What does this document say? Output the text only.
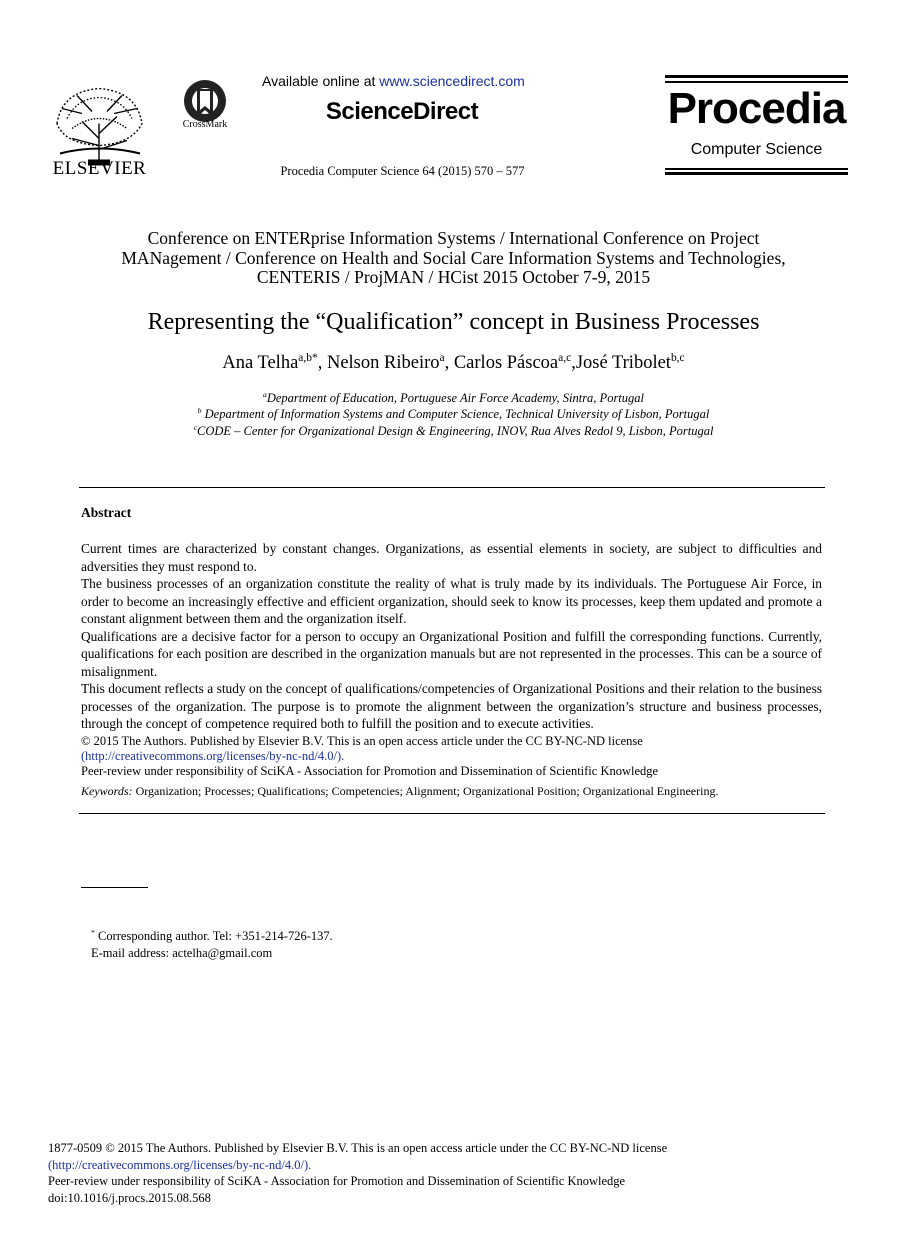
ELSEVIER
CrossMark
Available online at www.sciencedirect.com
ScienceDirect
Procedia Computer Science 64 (2015) 570 – 577
Procedia
Computer Science
Conference on ENTERprise Information Systems / International Conference on Project
MANagement / Conference on Health and Social Care Information Systems and Technologies,
CENTERIS / ProjMAN / HCist 2015 October 7-9, 2015
Representing the “Qualification” concept in Business Processes
Ana Telha$^{a,b*}$, Nelson Ribeiro$^a$, Carlos Páscoa$^{a,c}$,José Tribolet$^{b,c}$
$^a$Department of Education, Portuguese Air Force Academy, Sintra, Portugal
$^b$ Department of Information Systems and Computer Science, Technical University of Lisbon, Portugal
$^c$CODE – Center for Organizational Design & Engineering, INOV, Rua Alves Redol 9, Lisbon, Portugal
Abstract

Current times are characterized by constant changes. Organizations, as essential elements in society, are subject to difficulties and adversities they must respond to.

The business processes of an organization constitute the reality of what is truly made by its individuals. The Portuguese Air Force, in order to become an increasingly effective and efficient organization, should seek to know its processes, keep them updated and promote a constant alignment between them and the organization itself.

Qualifications are a decisive factor for a person to occupy an Organizational Position and fulfill the corresponding functions. Currently, qualifications for each position are described in the organization manuals but are not represented in the processes. This can be a source of misalignment.

This document reflects a study on the concept of qualifications/competencies of Organizational Positions and their relation to the business processes of the organization. The purpose is to promote the alignment between the organization’s structure and business processes, through the concept of competence required both to fulfill the position and to execute activities.

© 2015 The Authors. Published by Elsevier B.V. This is an open access article under the CC BY-NC-ND license
(http://creativecommons.org/licenses/by-nc-nd/4.0/).
Peer-review under responsibility of SciKA - Association for Promotion and Dissemination of Scientific Knowledge
Keywords: Organization; Processes; Qualifications; Competencies; Alignment; Organizational Position; Organizational Engineering.
* Corresponding author. Tel: +351-214-726-137.
E-mail address: actelha@gmail.com
1877-0509 © 2015 The Authors. Published by Elsevier B.V. This is an open access article under the CC BY-NC-ND license
(http://creativecommons.org/licenses/by-nc-nd/4.0/).
Peer-review under responsibility of SciKA - Association for Promotion and Dissemination of Scientific Knowledge
doi:10.1016/j.procs.2015.08.568
